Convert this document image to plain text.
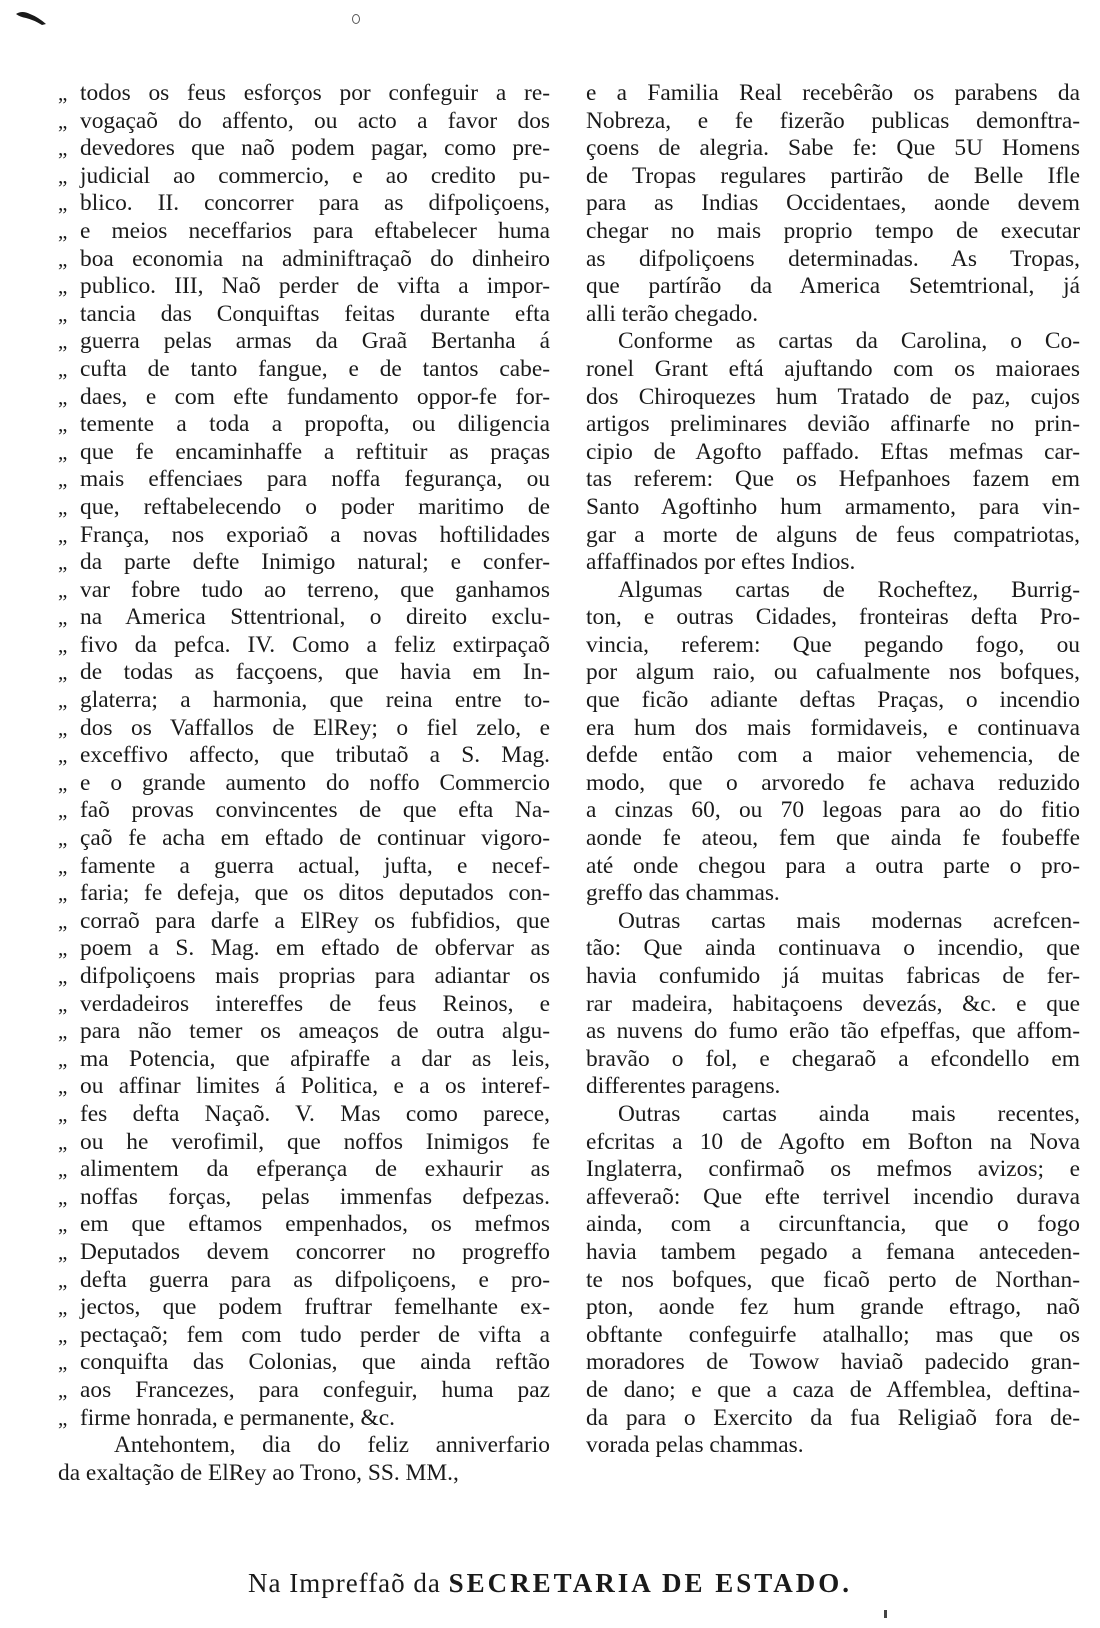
„ todos os feus esforços por confeguir a re-
„ vogaçaõ do affento, ou acto a favor dos
„ devedores que naõ podem pagar, como pre-
„ judicial ao commercio, e ao credito pu-
„ blico. II. concorrer para as difpoliçoens,
„ e meios neceffarios para eftabelecer huma
„ boa economia na adminiftraçaõ do dinheiro
„ publico. III, Naõ perder de vifta a impor-
„ tancia das Conquiftas feitas durante efta
„ guerra pelas armas da Graã Bertanha á
„ cufta de tanto fangue, e de tantos cabe-
„ daes, e com efte fundamento oppor-fe for-
„ temente a toda a propofta, ou diligencia
„ que fe encaminhaffe a reftituir as praças
„ mais effenciaes para noffa fegurança, ou
„ que, reftabelecendo o poder maritimo de
„ França, nos exporiaõ a novas hoftilidades
„ da parte defte Inimigo natural; e confer-
„ var fobre tudo ao terreno, que ganhamos
„ na America Sttentrional, o direito exclu-
„ fivo da pefca. IV. Como a feliz extirpaçaõ
„ de todas as facçoens, que havia em In-
„ glaterra; a harmonia, que reina entre to-
„ dos os Vaffallos de ElRey; o fiel zelo, e
„ exceffivo affecto, que tributaõ a S. Mag.
„ e o grande aumento do noffo Commercio
„ faõ provas convincentes de que efta Na-
„ çaõ fe acha em eftado de continuar vigoro-
„ famente a guerra actual, jufta, e necef-
„ faria; fe defeja, que os ditos deputados con-
„ corraõ para darfe a ElRey os fubfidios, que
„ poem a S. Mag. em eftado de obfervar as
„ difpoliçoens mais proprias para adiantar os
„ verdadeiros intereffes de feus Reinos, e
„ para não temer os ameaços de outra algu-
„ ma Potencia, que afpiraffe a dar as leis,
„ ou affinar limites á Politica, e a os interef-
„ fes defta Naçaõ. V. Mas como parece,
„ ou he verofimil, que noffos Inimigos fe
„ alimentem da efperança de exhaurir as
„ noffas forças, pelas immenfas defpezas.
„ em que eftamos empenhados, os mefmos
„ Deputados devem concorrer no progreffo
„ defta guerra para as difpoliçoens, e pro-
„ jectos, que podem fruftrar femelhante ex-
„ pectaçaõ; fem com tudo perder de vifta a
„ conquifta das Colonias, que ainda reftão
„ aos Francezes, para confeguir, huma paz
„ firme honrada, e permanente, &c.
Antehontem, dia do feliz anniverfario
da exaltação de ElRey ao Trono, SS. MM.,
e a Familia Real recebêrão os parabens da
Nobreza, e fe fizerão publicas demonftra-
çoens de alegria. Sabe fe: Que 5U Homens
de Tropas regulares partirão de Belle Ifle
para as Indias Occidentaes, aonde devem
chegar no mais proprio tempo de executar
as difpoliçoens determinadas. As Tropas,
que partírão da America Setemtrional, já
alli terão chegado.
Conforme as cartas da Carolina, o Co-
ronel Grant eftá ajuftando com os maioraes
dos Chiroquezes hum Tratado de paz, cujos
artigos preliminares devião affinarfe no prin-
cipio de Agofto paffado. Eftas mefmas car-
tas referem: Que os Hefpanhoes fazem em
Santo Agoftinho hum armamento, para vin-
gar a morte de alguns de feus compatriotas,
affaffinados por eftes Indios.
Algumas cartas de Rocheftez, Burrig-
ton, e outras Cidades, fronteiras defta Pro-
vincia, referem: Que pegando fogo, ou
por algum raio, ou cafualmente nos bofques,
que ficão adiante deftas Praças, o incendio
era hum dos mais formidaveis, e continuava
defde então com a maior vehemencia, de
modo, que o arvoredo fe achava reduzido
a cinzas 60, ou 70 legoas para ao do fitio
aonde fe ateou, fem que ainda fe foubeffe
até onde chegou para a outra parte o pro-
greffo das chammas.
Outras cartas mais modernas acrefcen-
tão: Que ainda continuava o incendio, que
havia confumido já muitas fabricas de fer-
rar madeira, habitaçoens devezás, &c. e que
as nuvens do fumo erão tão efpeffas, que affom-
bravão o fol, e chegaraõ a efcondello em
differentes paragens.
Outras cartas ainda mais recentes,
efcritas a 10 de Agofto em Bofton na Nova
Inglaterra, confirmaõ os mefmos avizos; e
affeveraõ: Que efte terrivel incendio durava
ainda, com a circunftancia, que o fogo
havia tambem pegado a femana anteceden-
te nos bofques, que ficaõ perto de Northan-
pton, aonde fez hum grande eftrago, naõ
obftante confeguirfe atalhallo; mas que os
moradores de Towow haviaõ padecido gran-
de dano; e que a caza de Affemblea, deftina-
da para o Exercito da fua Religiaõ fora de-
vorada pelas chammas.
Na Impreffaõ da SECRETARIA DE ESTADO.
